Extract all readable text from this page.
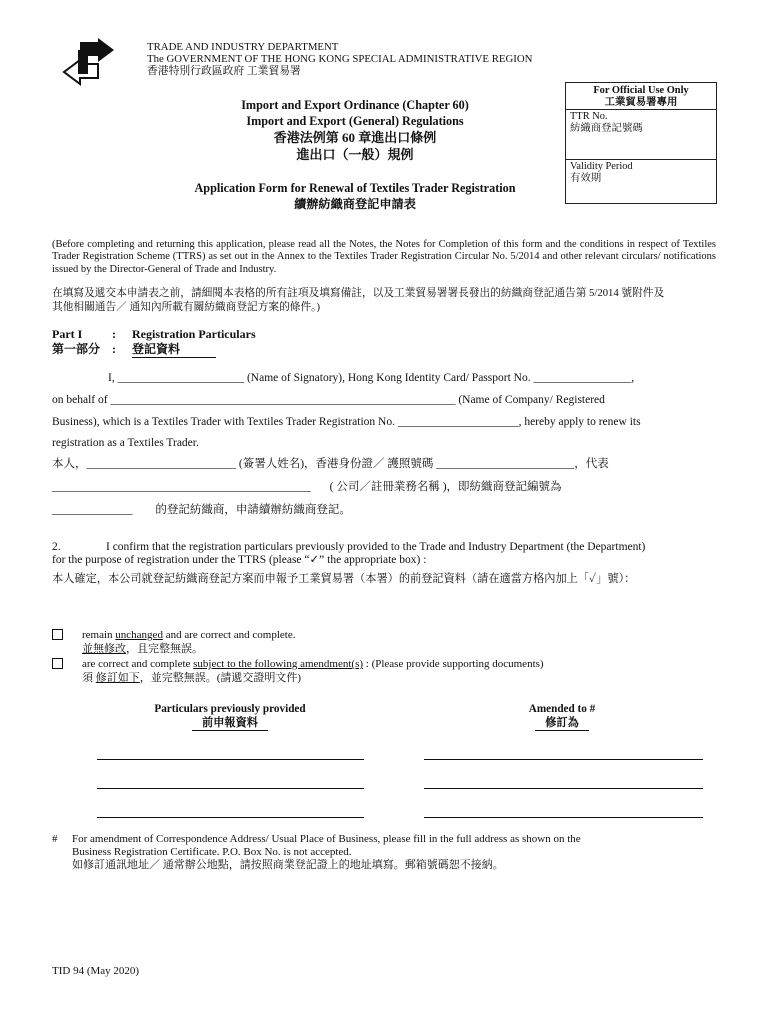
TRADE AND INDUSTRY DEPARTMENT
The GOVERNMENT OF THE HONG KONG SPECIAL ADMINISTRATIVE REGION
香港特別行政區政府 工業貿易署
Import and Export Ordinance (Chapter 60)
Import and Export (General) Regulations
香港法例第 60 章進出口條例
進出口（一般）規例
Application Form for Renewal of Textiles Trader Registration
續辦紡織商登記申請表
For Official Use Only
工業貿易署專用
TTR No.
紡織商登記號碼
Validity Period
有效期
(Before completing and returning this application, please read all the Notes, the Notes for Completion of this form and the conditions in respect of Textiles Trader Registration Scheme (TTRS) as set out in the Annex to the Textiles Trader Registration Circular No. 5/2014 and other relevant circulars/ notifications issued by the Director-General of Trade and Industry.
在填寫及遞交本申請表之前，請細閱本表格的所有註項及填寫備註，以及工業貿易署署長發出的紡織商登記通告第 5/2014 號附件及
其他相關通告／ 通知內所載有關紡織商登記方案的條件。)
Part I	:	Registration Particulars
第一部分 :	登記資料
I, ______________________ (Name of Signatory), Hong Kong Identity Card/ Passport No. _________________,
on behalf of ____________________________________________________________ (Name of Company/ Registered
Business), which is a Textiles Trader with Textiles Trader Registration No. _____________________, hereby apply to renew its
registration as a Textiles Trader.
本人，__________________________ (簽署人姓名)，香港身份證／ 護照號碼 ________________________，代表
_____________________________________________ ( 公司／註冊業務名稱 )，即紡織商登記編號為
______________ 的登記紡織商，申請續辦紡織商登記。
2.	I confirm that the registration particulars previously provided to the Trade and Industry Department (the Department)
for the purpose of registration under the TTRS (please “✓” the appropriate box) :
本人確定，本公司就登記紡織商登記方案而申報予工業貿易署（本署）的前登記資料（請在適當方格內加上「✓」號）：
remain unchanged and are correct and complete.
並無修改，且完整無誤。
are correct and complete subject to the following amendment(s) : (Please provide supporting documents)
須 修訂如下，並完整無誤。(請遞交證明文件)
Particulars previously provided
前申報資料
Amended to #
修訂為
# For amendment of Correspondence Address/ Usual Place of Business, please fill in the full address as shown on the
Business Registration Certificate. P.O. Box No. is not accepted.
如修訂通訊地址／ 通常辦公地點，請按照商業登記證上的地址填寫。郵箱號碼恕不接納。
TID 94 (May 2020)
